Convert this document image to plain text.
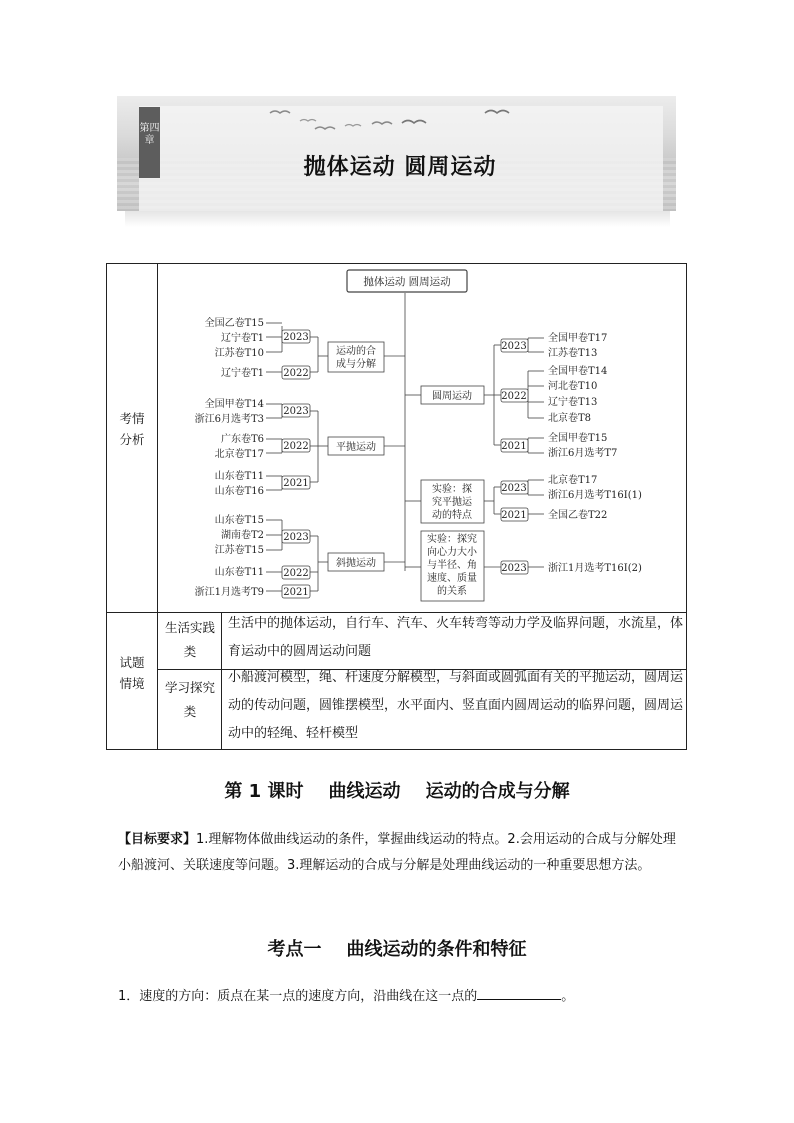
第四章
抛体运动 圆周运动
考情分析
试题情境
生活实践类
学习探究类
生活中的抛体运动，自行车、汽车、火车转弯等动力学及临界问题，水流星，体育运动中的圆周运动问题
小船渡河模型，绳、杆速度分解模型，与斜面或圆弧面有关的平抛运动，圆周运动的传动问题，圆锥摆模型，水平面内、竖直面内圆周运动的临界问题，圆周运动中的轻绳、轻杆模型
抛体运动 圆周运动
运动的合
成与分解
平抛运动
斜抛运动
圆周运动
实验：探
究平抛运
动的特点
实验：探究
向心力大小
与半径、角
速度、质量
的关系
2023
2022
2023
2022
2021
2023
2022
2021
2023
2022
2021
2023
2021
2023
全国乙卷T15
辽宁卷T1
江苏卷T10
辽宁卷T1
全国甲卷T14
浙江6月选考T3
广东卷T6
北京卷T17
山东卷T11
山东卷T16
山东卷T15
湖南卷T2
江苏卷T15
山东卷T11
浙江1月选考T9
全国甲卷T17
江苏卷T13
全国甲卷T14
河北卷T10
辽宁卷T13
北京卷T8
全国甲卷T15
浙江6月选考T7
北京卷T17
浙江6月选考T16Ⅰ(1)
全国乙卷T22
浙江1月选考T16Ⅰ(2)
第 1 课时    曲线运动    运动的合成与分解
【目标要求】1.理解物体做曲线运动的条件，掌握曲线运动的特点。2.会用运动的合成与分解处理小船渡河、关联速度等问题。3.理解运动的合成与分解是处理曲线运动的一种重要思想方法。
考点一    曲线运动的条件和特征
1．速度的方向：质点在某一点的速度方向，沿曲线在这一点的	。
